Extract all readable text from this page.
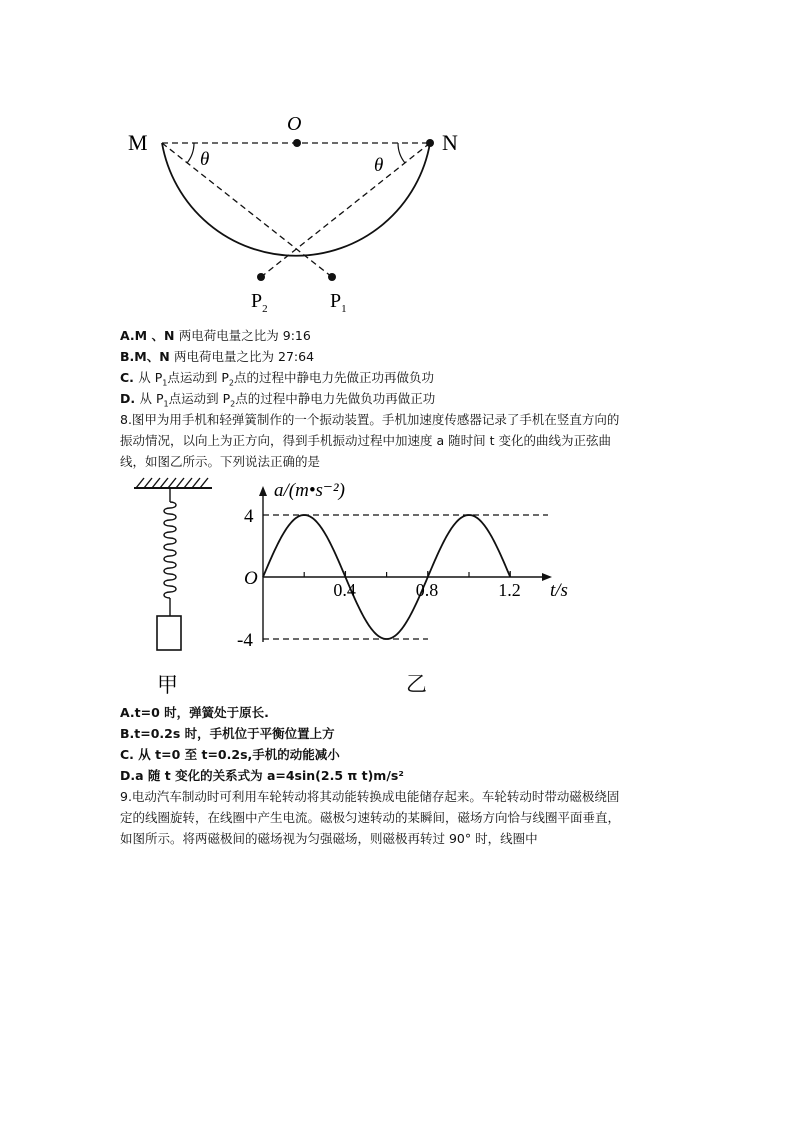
M	N
O
θ	θ
$P_2$	$P_1$
A.M 、N 两电荷电量之比为 9:16
B.M、N 两电荷电量之比为 27:64
C. 从 $P_1$点运动到 $P_2$点的过程中静电力先做正功再做负功
D. 从 $P_1$点运动到 $P_2$点的过程中静电力先做负功再做正功
8.图甲为用手机和轻弹簧制作的一个振动装置。手机加速度传感器记录了手机在竖直方向的
振动情况，以向上为正方向，得到手机振动过程中加速度 a 随时间 t 变化的曲线为正弦曲
线，如图乙所示。下列说法正确的是
甲
a/(m•s⁻²)
t/s
O
4
-4
0.4	0.8	1.2
乙
A.t=0 时，弹簧处于原长.
B.t=0.2s 时，手机位于平衡位置上方
C. 从 t=0 至 t=0.2s,手机的动能减小
D.a 随 t 变化的关系式为 a=4sin(2.5 π t)m/s²
9.电动汽车制动时可利用车轮转动将其动能转换成电能储存起来。车轮转动时带动磁极绕固
定的线圈旋转，在线圈中产生电流。磁极匀速转动的某瞬间，磁场方向恰与线圈平面垂直，
如图所示。将两磁极间的磁场视为匀强磁场，则磁极再转过 90° 时，线圈中
